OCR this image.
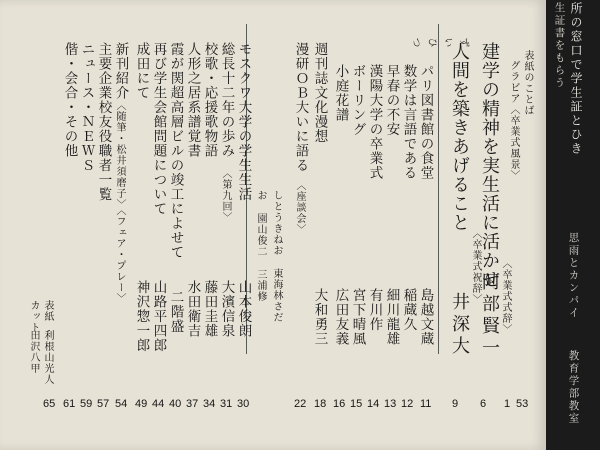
表紙のことば
グラビア〈卒業式風景〉
建学の精神を実生活に活かせ
〈卒業式式辞〉
阿部賢一
人間を築きあげること
〈卒業式祝辞〉
井深大
パリ図書館の食堂
島越文蔵
数学は言語である
稲蔵久
早春の不安
細川龍雄
漢陽大学の卒業式
有川作
ボーリング
宮下晴風
ずいひつ
小庭花譜
広田友義
週刊誌文化漫想
大和勇三
漫研ＯＢ大いに語る
〈座談会〉
しとうきねお 東海林さだお 園山俊二 三浦修
モスクワ大学の学生生活
山本俊朗
総長十二年の歩み
〈第九回〉
大濱信泉
校歌・応援歌物語
藤田圭雄
人形之居系譜覚書
水田衛吉
霞が関超高層ビルの竣工によせて
二階盛
再び学生会館問題について
山路平四郎
成田にて
神沢惣一郎
新刊紹介
〈随筆・松井須磨子〉〈フェア・プレー〉
主要企業校友役職者一覧
ニュース・ＮＥＷＳ
偕・会合・その他
表紙
利根山光人
カット
田沢八甲
53
1
6
9
11
12
13
14
15
16
18
22
30
31
34
37
40
44
49
54
57
59
61
65
所の窓口で学生証とひき
生証書をもらう
思雨とカンパイ
教育学部教室
